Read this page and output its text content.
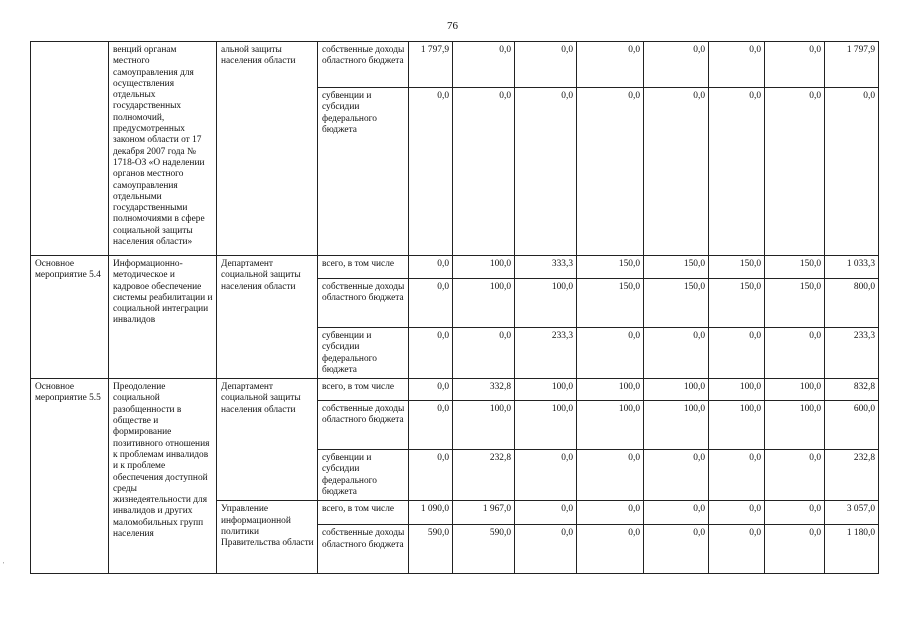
76
	венций органам местного самоуправления для осуществления отдельных государственных полномочий, предусмотренных законом области от 17 декабря 2007 года № 1718-ОЗ «О наделении органов местного самоуправления отдельными государственными полномочиями в сфере социальной защиты населения области»	альной защиты населения области	собственные доходы областного бюджета	1 797,9	0,0	0,0	0,0	0,0	0,0	0,0	1 797,9
			субвенции и субсидии федерального бюджета	0,0	0,0	0,0	0,0	0,0	0,0	0,0	0,0
Основное мероприятие 5.4	Информационно-методическое и кадровое обеспечение системы реабилитации и социальной интеграции инвалидов	Департамент социальной защиты населения области	всего, в том числе	0,0	100,0	333,3	150,0	150,0	150,0	150,0	1 033,3
			собственные доходы областного бюджета	0,0	100,0	100,0	150,0	150,0	150,0	150,0	800,0
			субвенции и субсидии федерального бюджета	0,0	0,0	233,3	0,0	0,0	0,0	0,0	233,3
Основное мероприятие 5.5	Преодоление социальной разобщенности в обществе и формирование позитивного отношения к проблемам инвалидов и к проблеме обеспечения доступной среды жизнедеятельности для инвалидов и других маломобильных групп населения	Департамент социальной защиты населения области	всего, в том числе	0,0	332,8	100,0	100,0	100,0	100,0	100,0	832,8
			собственные доходы областного бюджета	0,0	100,0	100,0	100,0	100,0	100,0	100,0	600,0
			субвенции и субсидии федерального бюджета	0,0	232,8	0,0	0,0	0,0	0,0	0,0	232,8
		Управление информационной политики Правительства области	всего, в том числе	1 090,0	1 967,0	0,0	0,0	0,0	0,0	0,0	3 057,0
			собственные доходы областного бюджета	590,0	590,0	0,0	0,0	0,0	0,0	0,0	1 180,0
'
